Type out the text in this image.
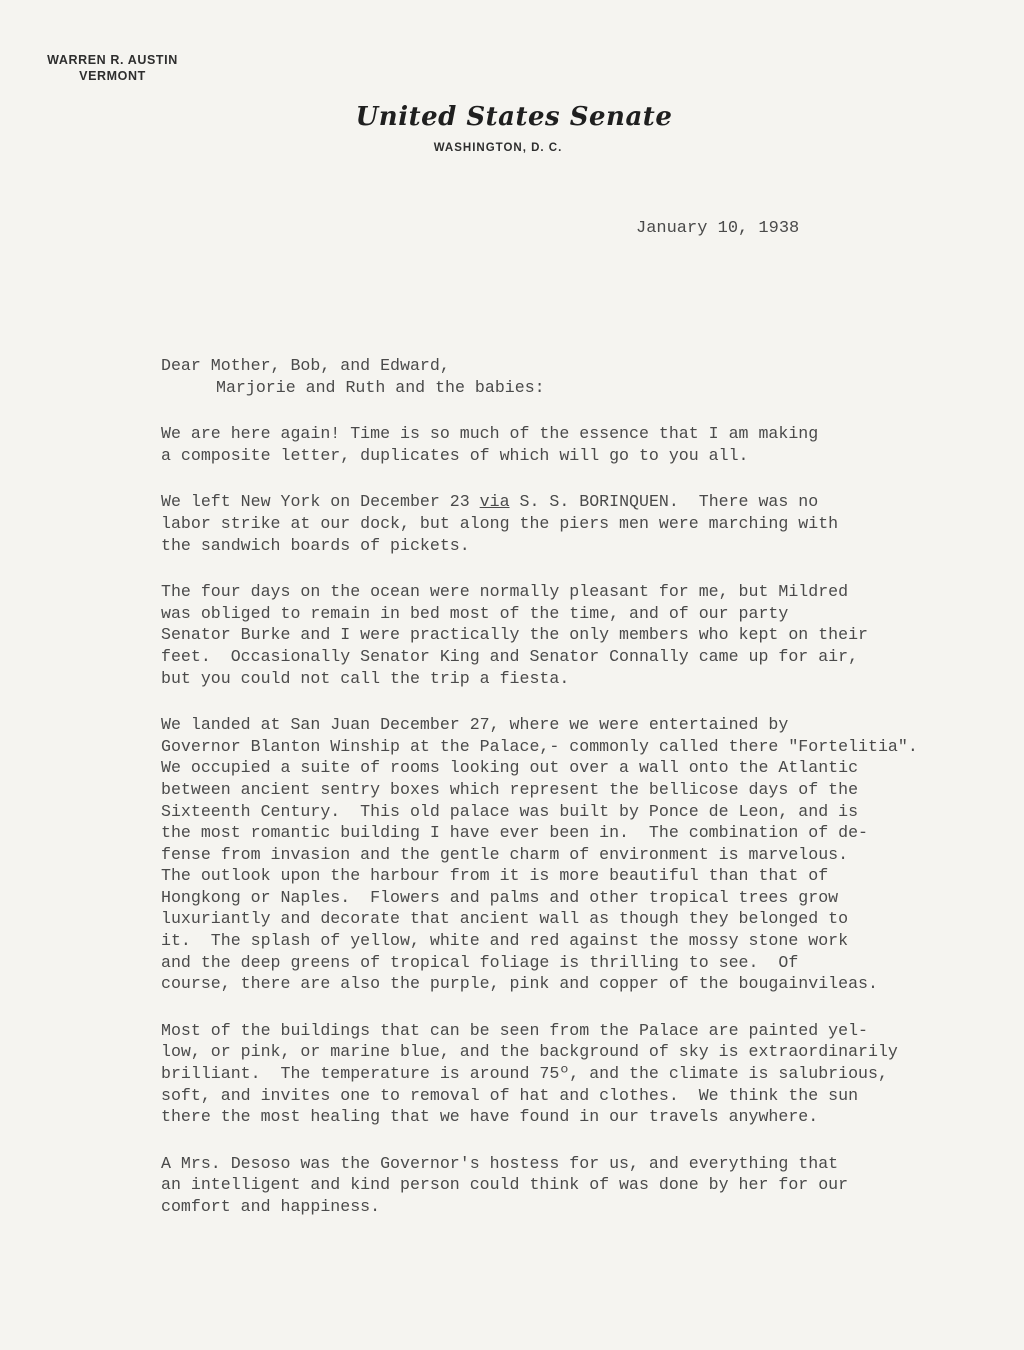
WARREN R. AUSTIN
VERMONT
United States Senate
WASHINGTON, D. C.
January 10, 1938
Dear Mother, Bob, and Edward,
Marjorie and Ruth and the babies:
We are here again! Time is so much of the essence that I am making
a composite letter, duplicates of which will go to you all.
We left New York on December 23 via S. S. BORINQUEN.  There was no
labor strike at our dock, but along the piers men were marching with
the sandwich boards of pickets.
The four days on the ocean were normally pleasant for me, but Mildred
was obliged to remain in bed most of the time, and of our party
Senator Burke and I were practically the only members who kept on their
feet.  Occasionally Senator King and Senator Connally came up for air,
but you could not call the trip a fiesta.
We landed at San Juan December 27, where we were entertained by
Governor Blanton Winship at the Palace,- commonly called there "Fortelitia".
We occupied a suite of rooms looking out over a wall onto the Atlantic
between ancient sentry boxes which represent the bellicose days of the
Sixteenth Century.  This old palace was built by Ponce de Leon, and is
the most romantic building I have ever been in.  The combination of de-
fense from invasion and the gentle charm of environment is marvelous.
The outlook upon the harbour from it is more beautiful than that of
Hongkong or Naples.  Flowers and palms and other tropical trees grow
luxuriantly and decorate that ancient wall as though they belonged to
it.  The splash of yellow, white and red against the mossy stone work
and the deep greens of tropical foliage is thrilling to see.  Of
course, there are also the purple, pink and copper of the bougainvileas.
Most of the buildings that can be seen from the Palace are painted yel-
low, or pink, or marine blue, and the background of sky is extraordinarily
brilliant.  The temperature is around 75º, and the climate is salubrious,
soft, and invites one to removal of hat and clothes.  We think the sun
there the most healing that we have found in our travels anywhere.
A Mrs. Desoso was the Governor's hostess for us, and everything that
an intelligent and kind person could think of was done by her for our
comfort and happiness.
